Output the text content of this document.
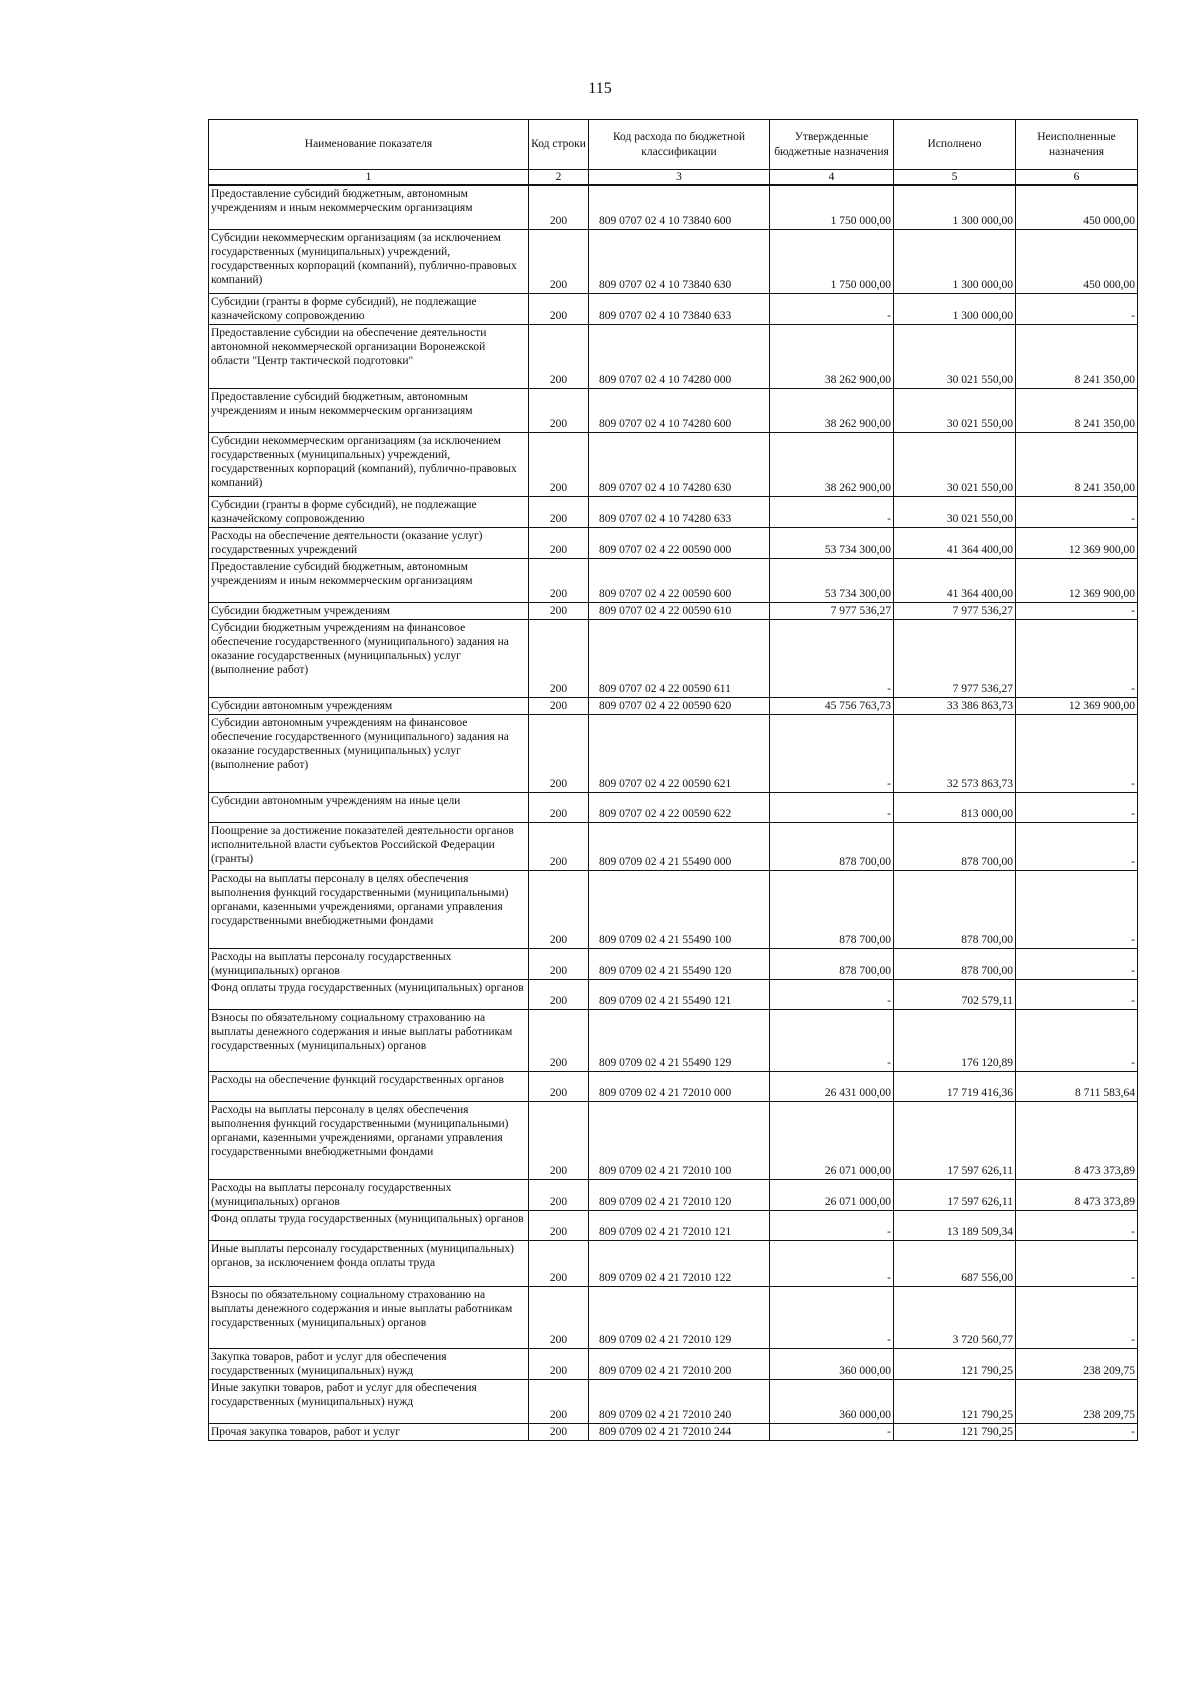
115
Наименование показателя	Код строки	Код расхода по бюджетной классификации	Утвержденные бюджетные назначения	Исполнено	Неисполненные назначения
1	2	3	4	5	6
Предоставление субсидий бюджетным, автономным учреждениям и иным некоммерческим организациям	200	809 0707 02 4 10 73840 600	1 750 000,00	1 300 000,00	450 000,00
Субсидии некоммерческим организациям (за исключением государственных (муниципальных) учреждений, государственных корпораций (компаний), публично-правовых компаний)	200	809 0707 02 4 10 73840 630	1 750 000,00	1 300 000,00	450 000,00
Субсидии (гранты в форме субсидий), не подлежащие казначейскому сопровождению	200	809 0707 02 4 10 73840 633	-	1 300 000,00	-
Предоставление субсидии на обеспечение деятельности автономной некоммерческой организации Воронежской области "Центр тактической подготовки"	200	809 0707 02 4 10 74280 000	38 262 900,00	30 021 550,00	8 241 350,00
Предоставление субсидий бюджетным, автономным учреждениям и иным некоммерческим организациям	200	809 0707 02 4 10 74280 600	38 262 900,00	30 021 550,00	8 241 350,00
Субсидии некоммерческим организациям (за исключением государственных (муниципальных) учреждений, государственных корпораций (компаний), публично-правовых компаний)	200	809 0707 02 4 10 74280 630	38 262 900,00	30 021 550,00	8 241 350,00
Субсидии (гранты в форме субсидий), не подлежащие казначейскому сопровождению	200	809 0707 02 4 10 74280 633	-	30 021 550,00	-
Расходы на обеспечение деятельности (оказание услуг) государственных учреждений	200	809 0707 02 4 22 00590 000	53 734 300,00	41 364 400,00	12 369 900,00
Предоставление субсидий бюджетным, автономным учреждениям и иным некоммерческим организациям	200	809 0707 02 4 22 00590 600	53 734 300,00	41 364 400,00	12 369 900,00
Субсидии бюджетным учреждениям	200	809 0707 02 4 22 00590 610	7 977 536,27	7 977 536,27	-
Субсидии бюджетным учреждениям на финансовое обеспечение государственного (муниципального) задания на оказание государственных (муниципальных) услуг (выполнение работ)	200	809 0707 02 4 22 00590 611	-	7 977 536,27	-
Субсидии автономным учреждениям	200	809 0707 02 4 22 00590 620	45 756 763,73	33 386 863,73	12 369 900,00
Субсидии автономным учреждениям на финансовое обеспечение государственного (муниципального) задания на оказание государственных (муниципальных) услуг (выполнение работ)	200	809 0707 02 4 22 00590 621	-	32 573 863,73	-
Субсидии автономным учреждениям на иные цели	200	809 0707 02 4 22 00590 622	-	813 000,00	-
Поощрение за достижение показателей деятельности органов исполнительной власти субъектов Российской Федерации (гранты)	200	809 0709 02 4 21 55490 000	878 700,00	878 700,00	-
Расходы на выплаты персоналу в целях обеспечения выполнения функций государственными (муниципальными) органами, казенными учреждениями, органами управления государственными внебюджетными фондами	200	809 0709 02 4 21 55490 100	878 700,00	878 700,00	-
Расходы на выплаты персоналу государственных (муниципальных) органов	200	809 0709 02 4 21 55490 120	878 700,00	878 700,00	-
Фонд оплаты труда государственных (муниципальных) органов	200	809 0709 02 4 21 55490 121	-	702 579,11	-
Взносы по обязательному социальному страхованию на выплаты денежного содержания и иные выплаты работникам государственных (муниципальных) органов	200	809 0709 02 4 21 55490 129	-	176 120,89	-
Расходы на обеспечение функций государственных органов	200	809 0709 02 4 21 72010 000	26 431 000,00	17 719 416,36	8 711 583,64
Расходы на выплаты персоналу в целях обеспечения выполнения функций государственными (муниципальными) органами, казенными учреждениями, органами управления государственными внебюджетными фондами	200	809 0709 02 4 21 72010 100	26 071 000,00	17 597 626,11	8 473 373,89
Расходы на выплаты персоналу государственных (муниципальных) органов	200	809 0709 02 4 21 72010 120	26 071 000,00	17 597 626,11	8 473 373,89
Фонд оплаты труда государственных (муниципальных) органов	200	809 0709 02 4 21 72010 121	-	13 189 509,34	-
Иные выплаты персоналу государственных (муниципальных) органов, за исключением фонда оплаты труда	200	809 0709 02 4 21 72010 122	-	687 556,00	-
Взносы по обязательному социальному страхованию на выплаты денежного содержания и иные выплаты работникам государственных (муниципальных) органов	200	809 0709 02 4 21 72010 129	-	3 720 560,77	-
Закупка товаров, работ и услуг для обеспечения государственных (муниципальных) нужд	200	809 0709 02 4 21 72010 200	360 000,00	121 790,25	238 209,75
Иные закупки товаров, работ и услуг для обеспечения государственных (муниципальных) нужд	200	809 0709 02 4 21 72010 240	360 000,00	121 790,25	238 209,75
Прочая закупка товаров, работ и услуг	200	809 0709 02 4 21 72010 244	-	121 790,25	-
